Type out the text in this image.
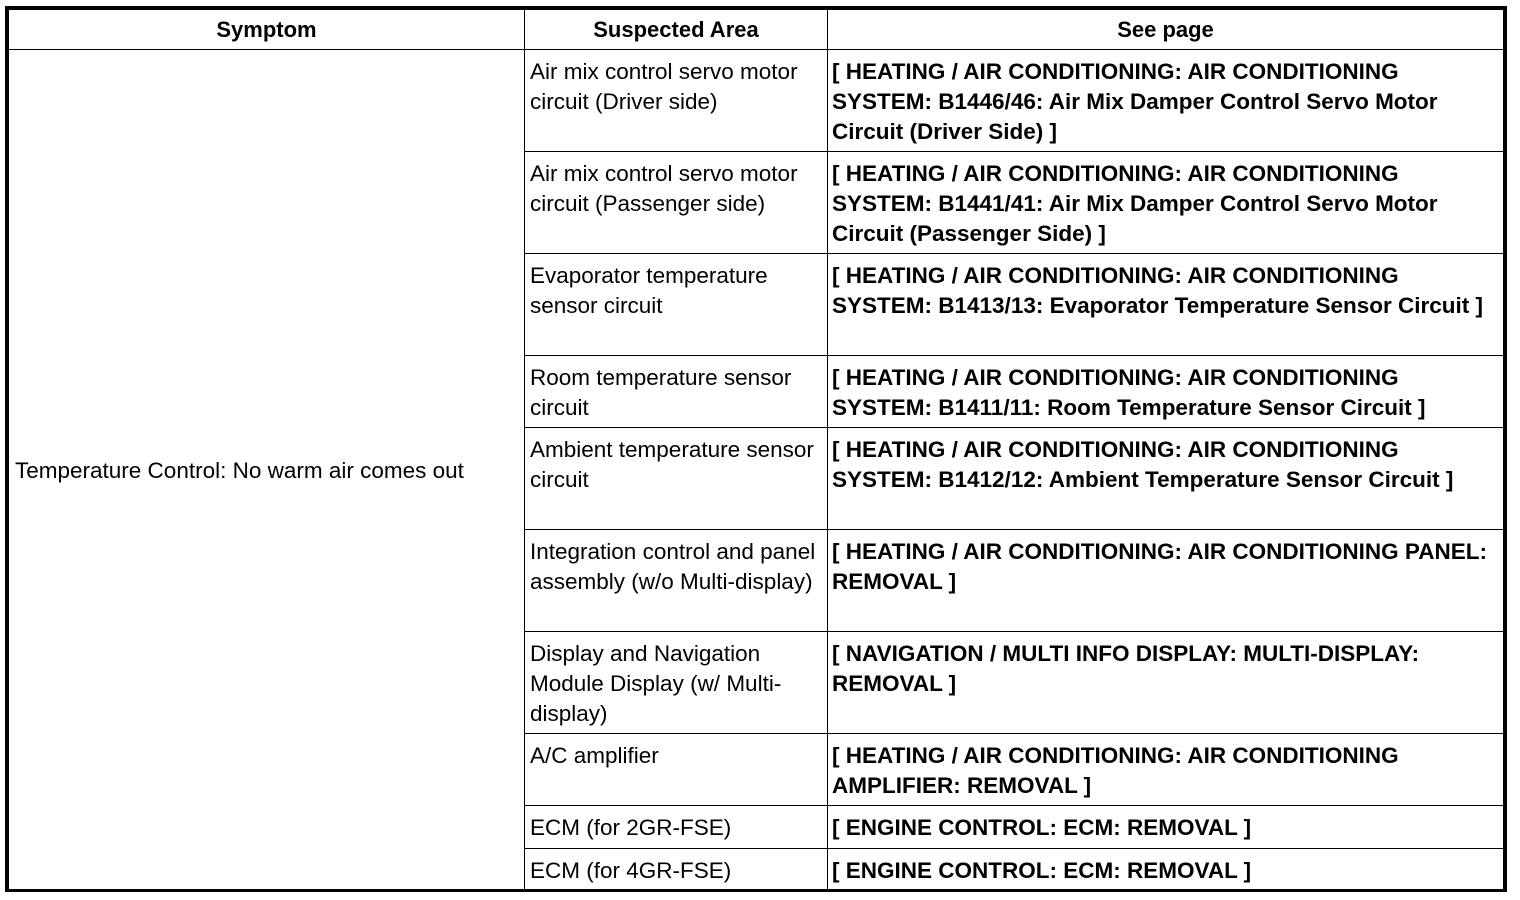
Symptom	Suspected Area	See page
Temperature Control: No warm air comes out	Air mix control servo motor circuit (Driver side)	[ HEATING / AIR CONDITIONING: AIR CONDITIONING SYSTEM: B1446/46: Air Mix Damper Control Servo Motor Circuit (Driver Side) ]
	Air mix control servo motor circuit (Passenger side)	[ HEATING / AIR CONDITIONING: AIR CONDITIONING SYSTEM: B1441/41: Air Mix Damper Control Servo Motor Circuit (Passenger Side) ]
	Evaporator temperature sensor circuit	[ HEATING / AIR CONDITIONING: AIR CONDITIONING SYSTEM: B1413/13: Evaporator Temperature Sensor Circuit ]
	Room temperature sensor circuit	[ HEATING / AIR CONDITIONING: AIR CONDITIONING SYSTEM: B1411/11: Room Temperature Sensor Circuit ]
	Ambient temperature sensor circuit	[ HEATING / AIR CONDITIONING: AIR CONDITIONING SYSTEM: B1412/12: Ambient Temperature Sensor Circuit ]
	Integration control and panel assembly (w/o Multi-display)	[ HEATING / AIR CONDITIONING: AIR CONDITIONING PANEL: REMOVAL ]
	Display and Navigation Module Display (w/ Multi-display)	[ NAVIGATION / MULTI INFO DISPLAY: MULTI-DISPLAY: REMOVAL ]
	A/C amplifier	[ HEATING / AIR CONDITIONING: AIR CONDITIONING AMPLIFIER: REMOVAL ]
	ECM (for 2GR-FSE)	[ ENGINE CONTROL: ECM: REMOVAL ]
	ECM (for 4GR-FSE)	[ ENGINE CONTROL: ECM: REMOVAL ]
